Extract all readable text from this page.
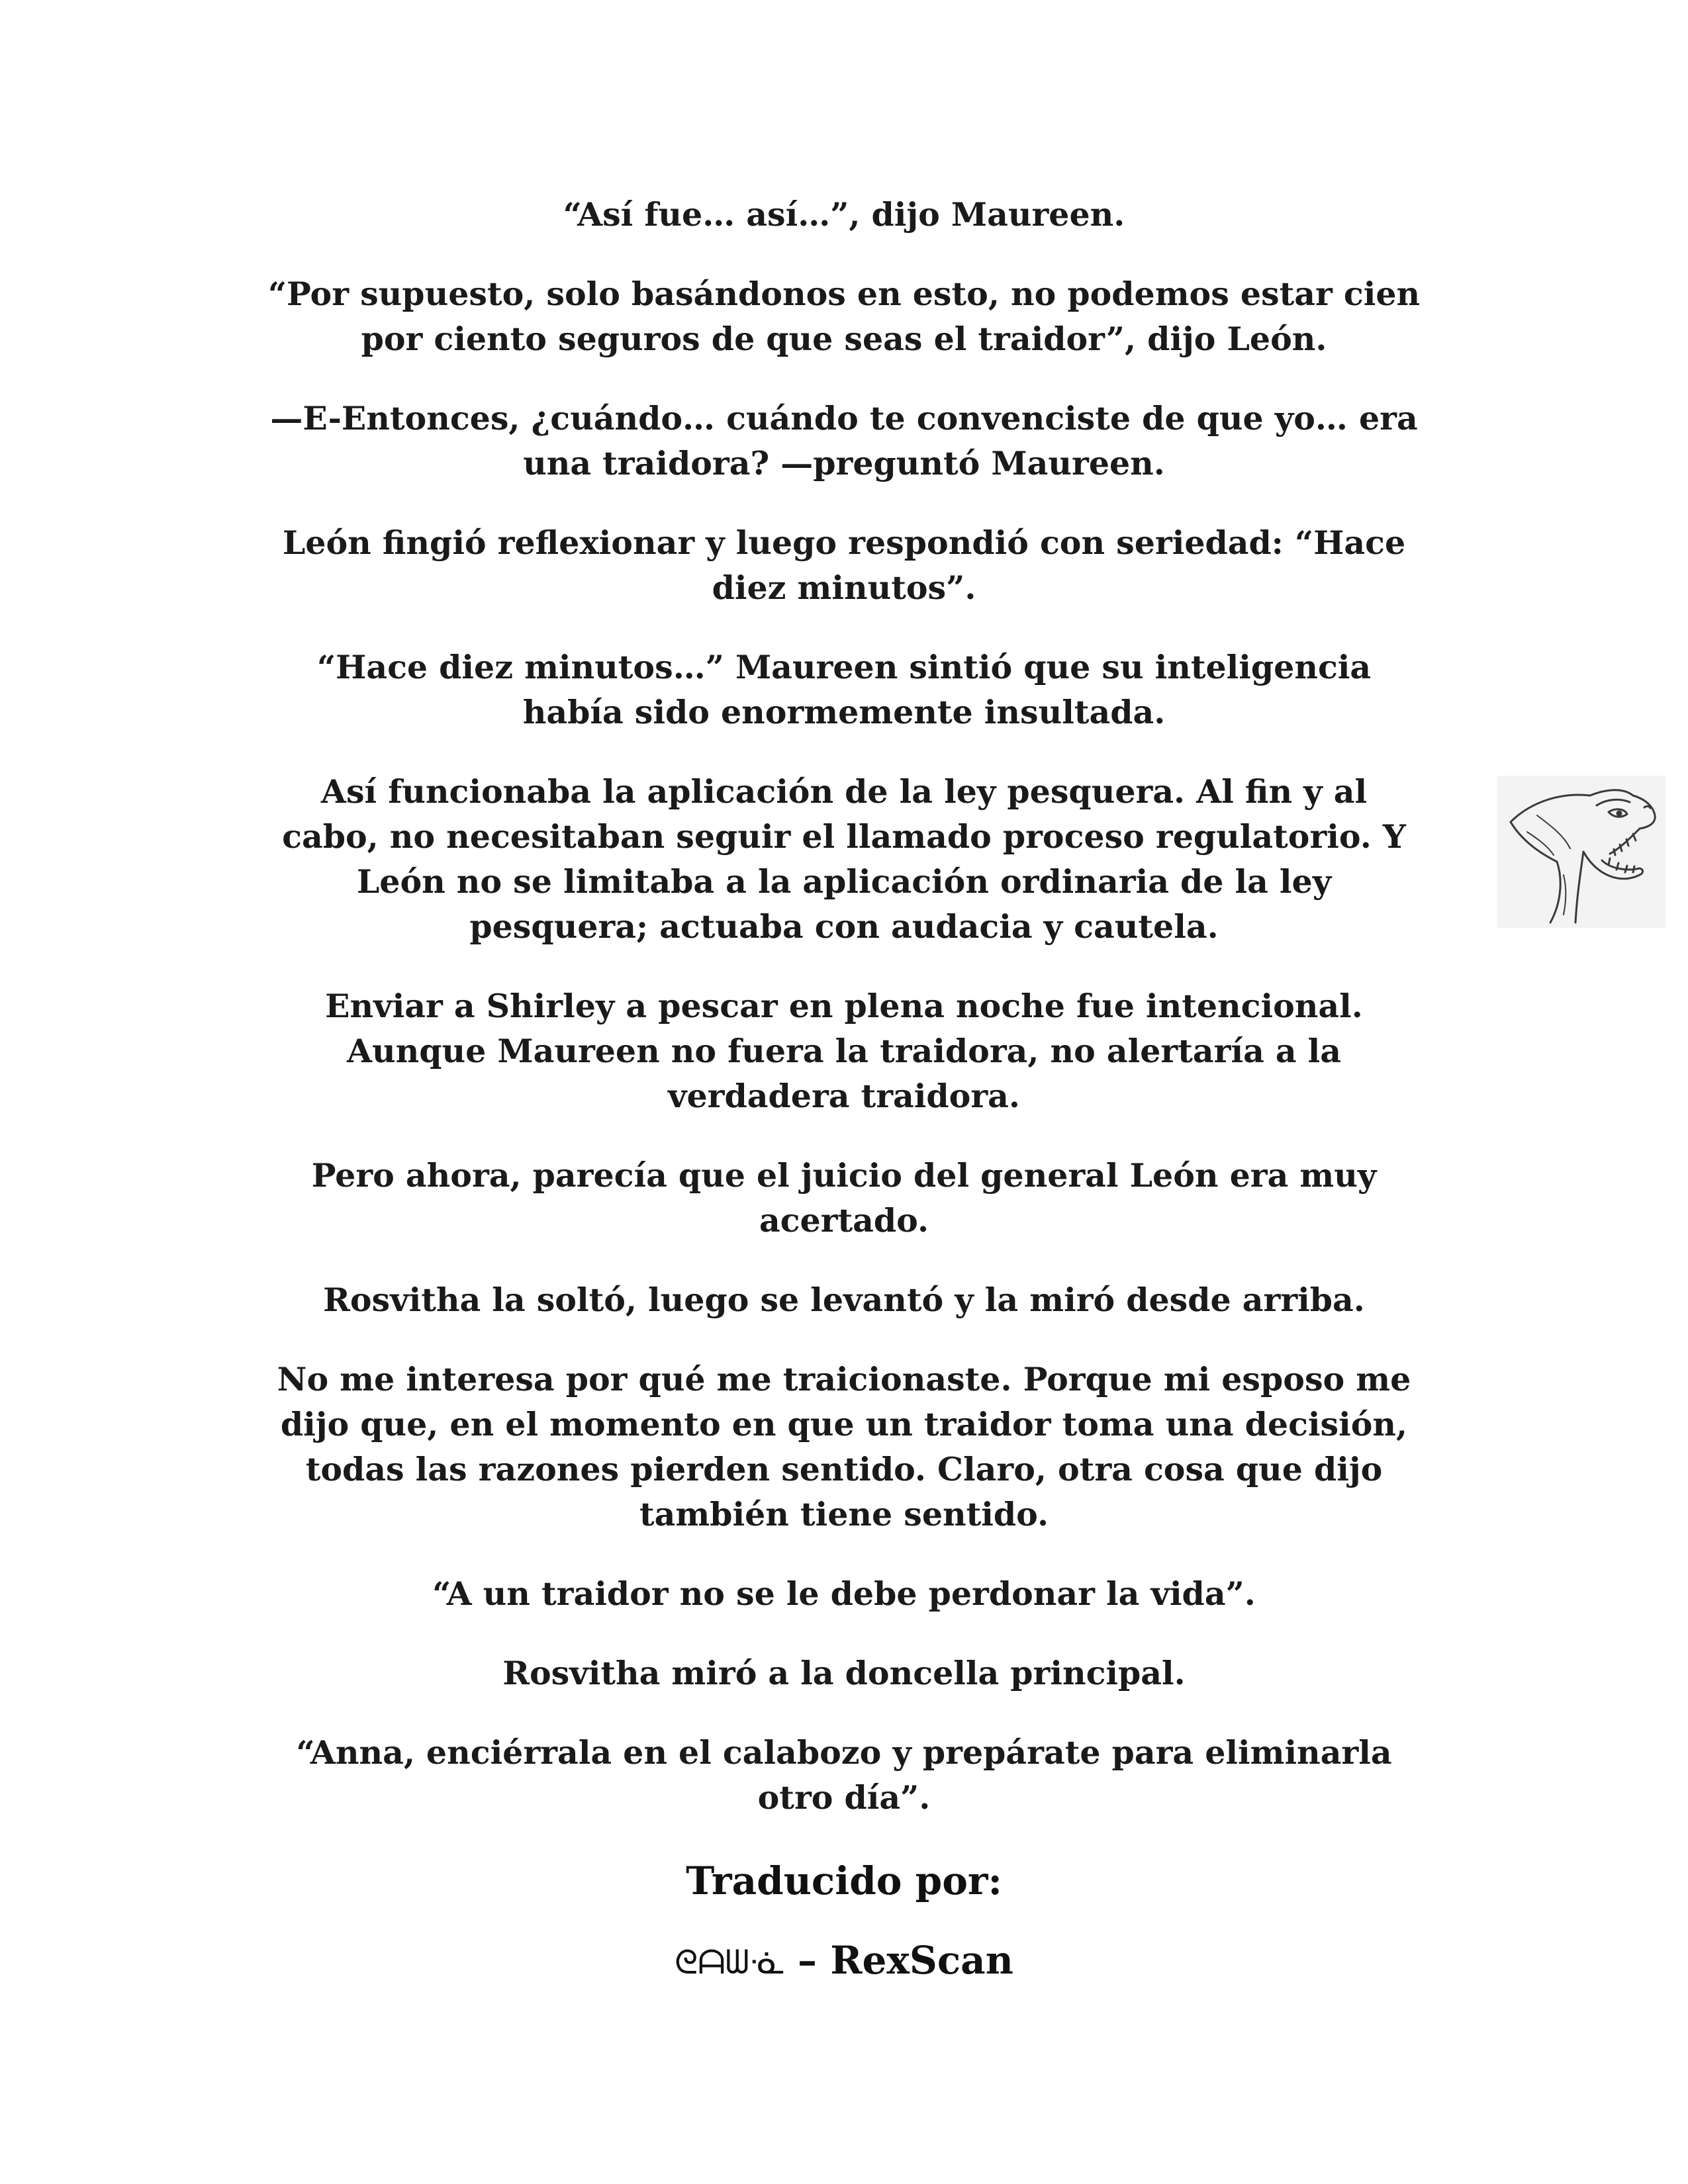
“Así fue… así…”, dijo Maureen.
“Por supuesto, solo basándonos en esto, no podemos estar cien
por ciento seguros de que seas el traidor”, dijo León.
—E-Entonces, ¿cuándo… cuándo te convenciste de que yo… era
una traidora? —preguntó Maureen.
León fingió reflexionar y luego respondió con seriedad: “Hace
diez minutos”.
“Hace diez minutos…” Maureen sintió que su inteligencia
había sido enormemente insultada.
Así funcionaba la aplicación de la ley pesquera. Al fin y al
cabo, no necesitaban seguir el llamado proceso regulatorio. Y
León no se limitaba a la aplicación ordinaria de la ley
pesquera; actuaba con audacia y cautela.
Enviar a Shirley a pescar en plena noche fue intencional.
Aunque Maureen no fuera la traidora, no alertaría a la
verdadera traidora.
Pero ahora, parecía que el juicio del general León era muy
acertado.
Rosvitha la soltó, luego se levantó y la miró desde arriba.
No me interesa por qué me traicionaste. Porque mi esposo me
dijo que, en el momento en que un traidor toma una decisión,
todas las razones pierden sentido. Claro, otra cosa que dijo
también tiene sentido.
“A un traidor no se le debe perdonar la vida”.
Rosvitha miró a la doncella principal.
“Anna, enciérrala en el calabozo y prepárate para eliminarla
otro día”.
Traducido por:
ᘓᗩᗯᓍ – RexScan
